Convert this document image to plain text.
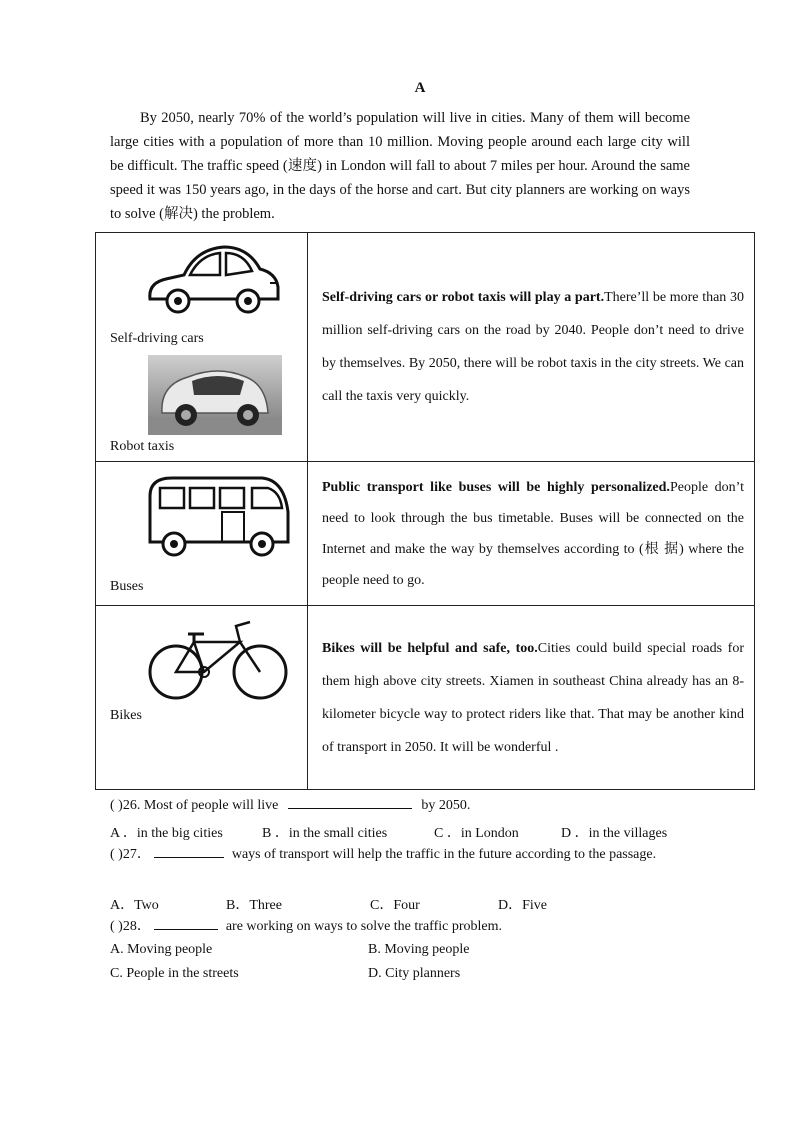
A
By 2050, nearly 70% of the world’s population will live in cities. Many of them will become large cities with a population of more than 10 million. Moving people around each large city will be difficult. The traffic speed (速度) in London will fall to about 7 miles per hour. Around the same speed it was 150 years ago, in the days of the horse and cart. But city planners are working on ways to solve (解决) the problem.
Self-driving cars
Robot taxis	Self-driving cars or robot taxis will play a part.There’ll be more than 30 million self-driving cars on the road by 2040. People don’t need to drive by themselves. By 2050, there will be robot taxis in the city streets. We can call the taxis very quickly.

Buses	Public transport like buses will be highly personalized.People don’t need to look through the bus timetable. Buses will be connected on the Internet and make the way by themselves according to (根 据) where the people need to go.

Bikes	Bikes will be helpful and safe, too.Cities could build special roads for them high above city streets. Xiamen in southeast China already has an 8-kilometer bicycle way to protect riders like that. That may be another kind of transport in 2050. It will be wonderful .
( )26. Most of people will live	by 2050.
A ．in the big cities	B ．in the small cities	C ．in London	D ．in the villages
( )27．	ways of transport will help the traffic in the future according to the passage.
A．Two	B．Three	C．Four	D．Five
( )28．	are working on ways to solve the traffic problem.
A. Moving people	B. Moving people
C. People in the streets	D. City planners
